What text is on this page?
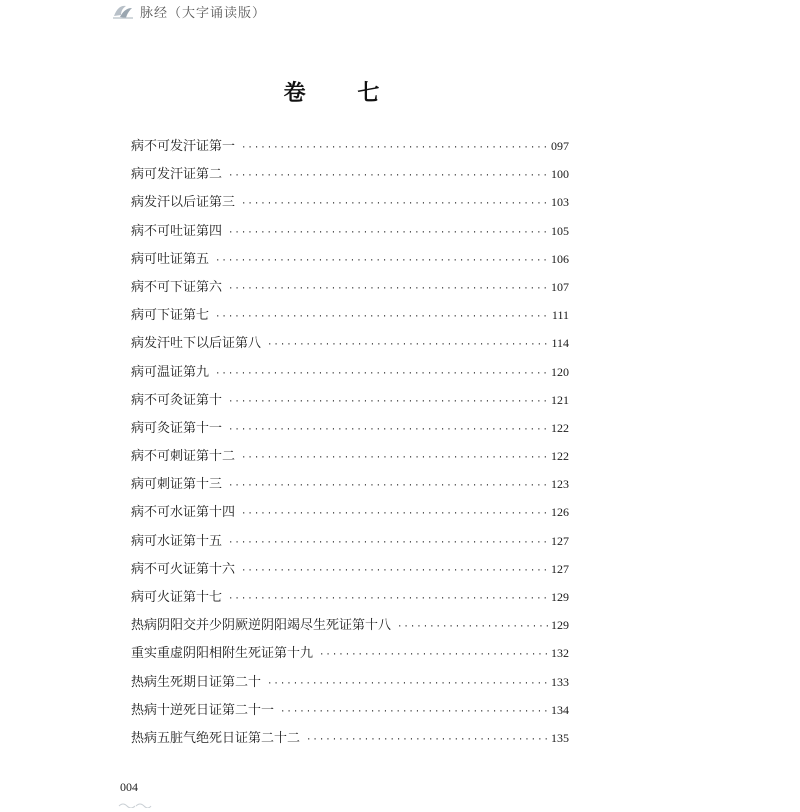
脉经（大字诵读版）
卷 七
病不可发汗证第一 ·····	097
病可发汗证第二 ·····	100
病发汗以后证第三 ·····	103
病不可吐证第四 ·····	105
病可吐证第五 ·····	106
病不可下证第六 ·····	107
病可下证第七 ·····	111
病发汗吐下以后证第八 ·····	114
病可温证第九 ·····	120
病不可灸证第十 ·····	121
病可灸证第十一 ·····	122
病不可刺证第十二 ·····	122
病可刺证第十三 ·····	123
病不可水证第十四 ·····	126
病可水证第十五 ·····	127
病不可火证第十六 ·····	127
病可火证第十七 ·····	129
热病阴阳交并少阴厥逆阴阳竭尽生死证第十八 ·····	129
重实重虚阴阳相附生死证第十九 ·····	132
热病生死期日证第二十 ·····	133
热病十逆死日证第二十一 ·····	134
热病五脏气绝死日证第二十二 ·····	135
004
